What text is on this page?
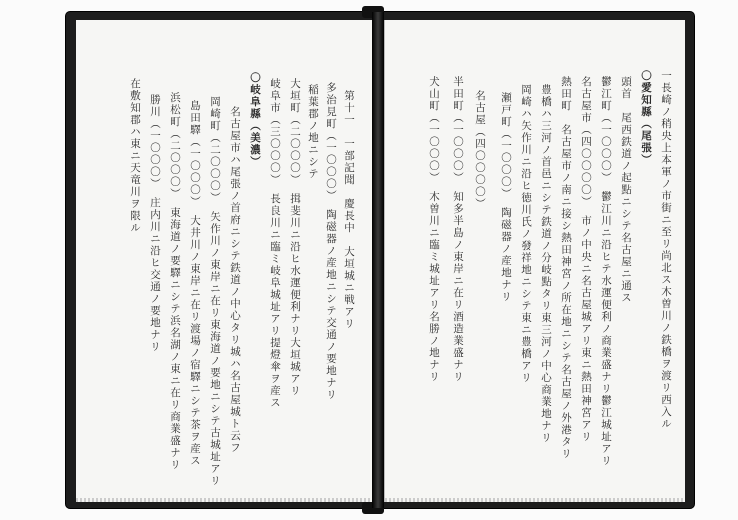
在敷知郡ハ東ニ天竜川ヲ限ル 勝川（一〇〇〇）　庄内川ニ沿ヒ交通ノ要地ナリ 浜松町（二〇〇〇）　東海道ノ要驛ニシテ浜名湖ノ東ニ在リ商業盛ナリ 島田驛（一〇〇〇）　大井川ノ東岸ニ在リ渡場ノ宿驛ニシテ茶ヲ産ス 岡崎町（二〇〇〇）　矢作川ノ東岸ニ在リ東海道ノ要地ニシテ古城址アリ 名古屋市ハ尾張ノ首府ニシテ鉄道ノ中心タリ城ハ名古屋城ト云フ 〇岐阜縣（美濃） 岐阜市（三〇〇〇）　長良川ニ臨ミ岐阜城址アリ提燈傘ヲ産ス 大垣町（二〇〇〇）　揖斐川ニ沿ヒ水運便利ナリ大垣城アリ 稲葉郡ノ地ニシテ 多治見町（一〇〇〇）　陶磁器ノ産地ニシテ交通ノ要地ナリ 第十一　一部記聞　慶長中　大垣城ニ戦アリ	一長崎ノ稍央上本軍ノ市街ニ至リ尚北ス木曽川ノ鉄橋ヲ渡リ西入ル
〇愛知縣（尾張）
頭首　尾西鉄道ノ起點ニシテ名古屋ニ通ス
鬱江町（一〇〇〇）　鬱江川ニ沿ヒテ水運便利ノ商業盛ナリ鬱江城址アリ
名古屋市（四〇〇〇〇）　市ノ中央ニ名古屋城アリ東ニ熱田神宮アリ
熱田町　名古屋市ノ南ニ接シ熱田神宮ノ所在地ニシテ名古屋ノ外港タリ
豊橋ハ三河ノ首邑ニシテ鉄道ノ分岐點タリ東三河ノ中心商業地ナリ
岡崎ハ矢作川ニ沿ヒ徳川氏ノ發祥地ニシテ東ニ豊橋アリ
瀬戸町（一〇〇〇）　陶磁器ノ産地ナリ
名古屋（四〇〇〇〇）
半田町（一〇〇〇）　知多半島ノ東岸ニ在リ酒造業盛ナリ
犬山町（一〇〇〇）　木曽川ニ臨ミ城址アリ名勝ノ地ナリ
